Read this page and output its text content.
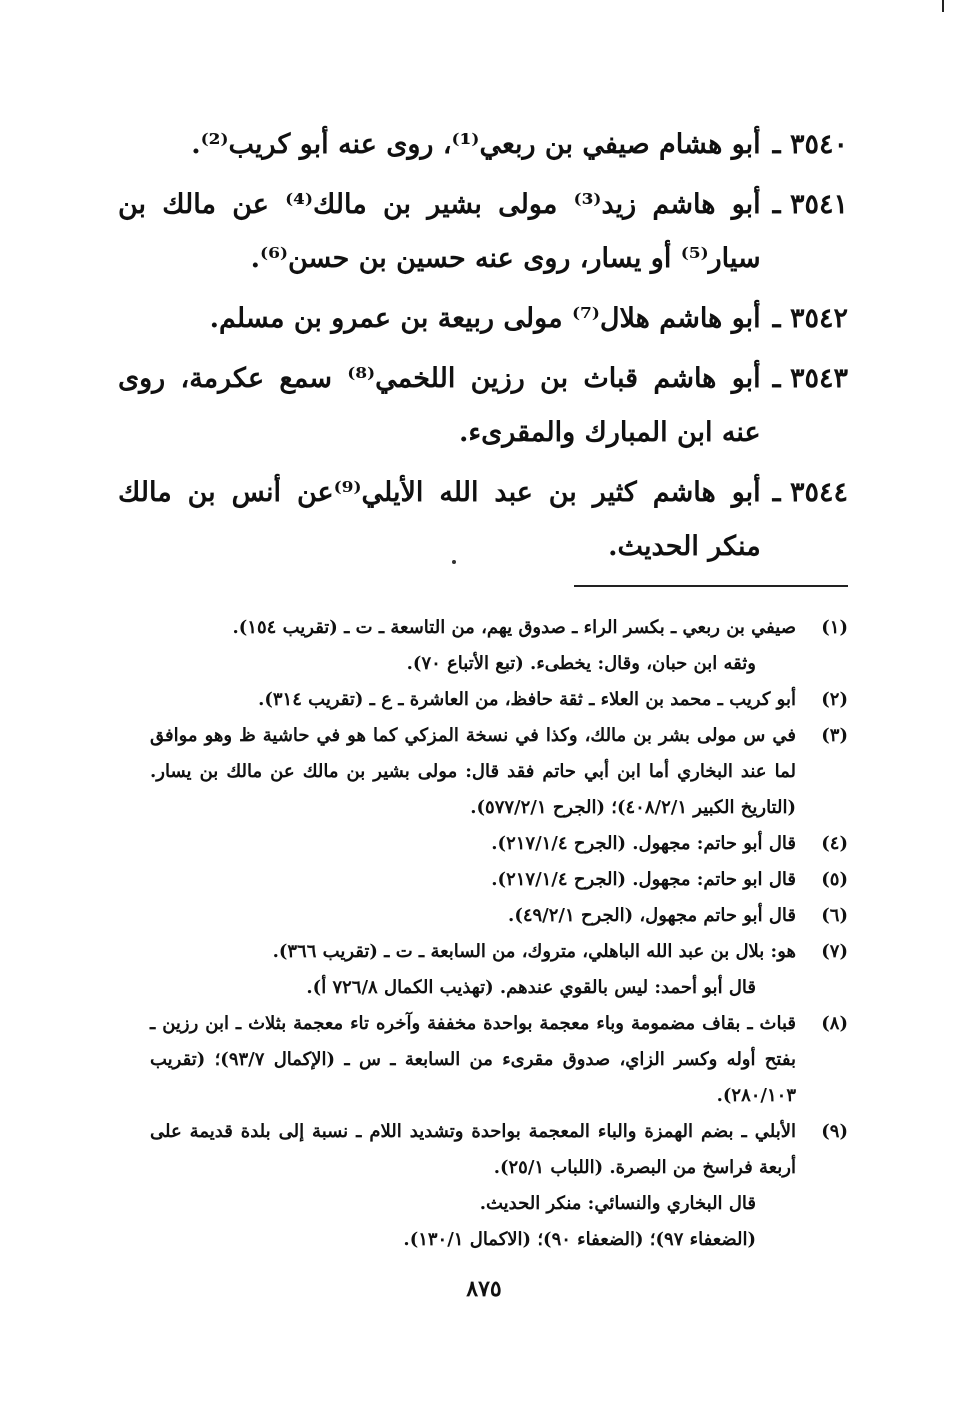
٣٥٤٠ ـ
أبو هشام صيفي بن ربعي⁽¹⁾، روى عنه أبو كريب⁽²⁾.
٣٥٤١ ـ
أبو هاشم زيد⁽³⁾ مولى بشير بن مالك⁽⁴⁾ عن مالك بن سيار⁽⁵⁾ أو يسار، روى عنه حسين بن حسن⁽⁶⁾.
٣٥٤٢ ـ
أبو هاشم هلال⁽⁷⁾ مولى ربيعة بن عمرو بن مسلم.
٣٥٤٣ ـ
أبو هاشم قباث بن رزين اللخمي⁽⁸⁾ سمع عكرمة، روى عنه ابن المبارك والمقرىء.
٣٥٤٤ ـ
أبو هاشم كثير بن عبد الله الأيلي⁽⁹⁾عن أنس بن مالك منكر الحديث.
(١)
صيفي بن ربعي ـ بكسر الراء ـ صدوق يهم، من التاسعة ـ ت ـ (تقريب ١٥٤).
وثقه ابن حبان، وقال: يخطىء. (تبع الأتباع ٧٠).
(٢)
أبو كريب ـ محمد بن العلاء ـ ثقة حافظ، من العاشرة ـ ع ـ (تقريب ٣١٤).
(٣)
في س مولى بشر بن مالك، وكذا في نسخة المزكي كما هو في حاشية ظ وهو موافق لما عند البخاري أما ابن أبي حاتم فقد قال: مولى بشير بن مالك عن مالك بن يسار. (التاريخ الكبير ٤٠٨/٢/١)؛ (الجرح ٥٧٧/٢/١).
(٤)
قال أبو حاتم: مجهول. (الجرح ٢١٧/١/٤).
(٥)
قال ابو حاتم: مجهول. (الجرح ٢١٧/١/٤).
(٦)
قال أبو حاتم مجهول، (الجرح ٤٩/٢/١).
(٧)
هو: بلال بن عبد الله الباهلي، متروك، من السابعة ـ ت ـ (تقريب ٣٦٦).
قال أبو أحمد: ليس بالقوي عندهم. (تهذيب الكمال ٧٢٦/٨ أ).
(٨)
قباث ـ بقاف مضمومة وباء معجمة بواحدة مخففة وآخره تاء معجمة بثلاث ـ ابن رزين ـ بفتح أوله وكسر الزاي، صدوق مقرىء من السابعة ـ س ـ (الإكمال ٩٣/٧)؛ (تقريب ٢٨٠/١٠٣).
(٩)
الأبلي ـ بضم الهمزة والباء المعجمة بواحدة وتشديد اللام ـ نسبة إلى بلدة قديمة على أربعة فراسخ من البصرة. (اللباب ٢٥/١).
قال البخاري والنسائي: منكر الحديث.
(الضعفاء ٩٧)؛ (الضعفاء ٩٠)؛ (الاكمال ١٣٠/١).
٨٧٥
